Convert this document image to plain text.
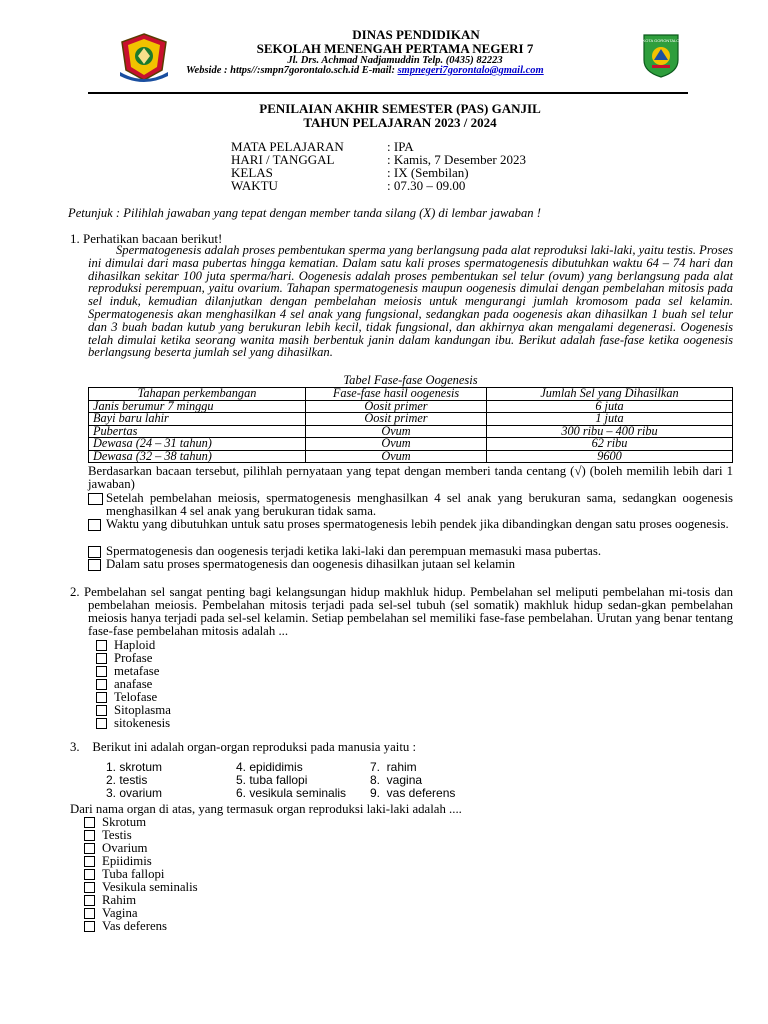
KOTA GORONTALO
DINAS PENDIDIKAN
SEKOLAH MENENGAH PERTAMA NEGERI 7
Jl. Drs. Achmad Nadjamuddin Telp. (0435) 82223
Webside : https//:smpn7gorontalo.sch.id E-mail: smpnegeri7gorontalo@gmail.com
PENILAIAN AKHIR SEMESTER (PAS) GANJIL
TAHUN PELAJARAN 2023 / 2024
MATA PELAJARAN	: IPA
HARI / TANGGAL	: Kamis, 7 Desember 2023
KELAS	: IX (Sembilan)
WAKTU	: 07.30 – 09.00
Petunjuk : Pilihlah jawaban yang tepat dengan member tanda silang (X) di lembar jawaban !
1. Perhatikan bacaan berikut!
Spermatogenesis adalah proses pembentukan sperma yang berlangsung pada alat reproduksi laki-laki, yaitu testis. Proses ini dimulai dari masa pubertas hingga kematian. Dalam satu kali proses spermatogenesis dibutuhkan waktu 64 – 74 hari dan dihasilkan sekitar 100 juta sperma/hari. Oogenesis adalah proses pembentukan sel telur (ovum) yang berlangsung pada alat reproduksi perempuan, yaitu ovarium. Tahapan spermatogenesis maupun oogenesis dimulai dengan pembelahan mitosis pada sel induk, kemudian dilanjutkan dengan pembelahan meiosis untuk mengurangi jumlah kromosom pada sel kelamin. Spermatogenesis akan menghasilkan 4 sel anak yang fungsional, sedangkan pada oogenesis akan dihasilkan 1 buah sel telur dan 3 buah badan kutub yang berukuran lebih kecil, tidak fungsional, dan akhirnya akan mengalami degenerasi. Oogenesis telah dimulai ketika seorang wanita masih berbentuk janin dalam kandungan ibu. Berikut adalah fase-fase ketika oogenesis berlangsung beserta jumlah sel yang dihasilkan.
Tabel Fase-fase Oogenesis
Tahapan perkembangan	Fase-fase hasil oogenesis	Jumlah Sel yang Dihasilkan
Janis berumur 7 minggu	Oosit primer	6 juta
Bayi baru lahir	Oosit primer	1 juta
Pubertas	Ovum	300 ribu – 400 ribu
Dewasa (24 – 31 tahun)	Ovum	62 ribu
Dewasa (32 – 38 tahun)	Ovum	9600
Berdasarkan bacaan tersebut, pilihlah pernyataan yang tepat dengan memberi tanda centang (√) (boleh memilih lebih dari 1 jawaban)
Setelah pembelahan meiosis, spermatogenesis menghasilkan 4 sel anak yang berukuran sama, sedangkan oogenesis menghasilkan 4 sel anak yang berukuran tidak sama.
Waktu yang dibutuhkan untuk satu proses spermatogenesis lebih pendek jika dibandingkan dengan satu proses oogenesis.
Spermatogenesis dan oogenesis terjadi ketika laki-laki dan perempuan memasuki masa pubertas.
Dalam satu proses spermatogenesis dan oogenesis dihasilkan jutaan sel kelamin
2. Pembelahan sel sangat penting bagi kelangsungan hidup makhluk hidup. Pembelahan sel meliputi pembelahan mi-tosis dan pembelahan meiosis. Pembelahan mitosis terjadi pada sel-sel tubuh (sel somatik) makhluk hidup sedan-gkan pembelahan meiosis hanya terjadi pada sel-sel kelamin. Setiap pembelahan sel memiliki fase-fase pembelahan. Urutan yang benar tentang fase-fase pembelahan mitosis adalah ...
Haploid
Profase
metafase
anafase
Telofase
Sitoplasma
sitokenesis
3.    Berikut ini adalah organ-organ reproduksi pada manusia yaitu :
1. skrotum	4. epididimis	7.  rahim
2. testis	5. tuba fallopi	8.  vagina
3. ovarium	6. vesikula seminalis 9.  vas deferens
Dari nama organ di atas, yang termasuk organ reproduksi laki-laki adalah ....
Skrotum
Testis
Ovarium
Epiidimis
Tuba fallopi
Vesikula seminalis
Rahim
Vagina
Vas deferens
